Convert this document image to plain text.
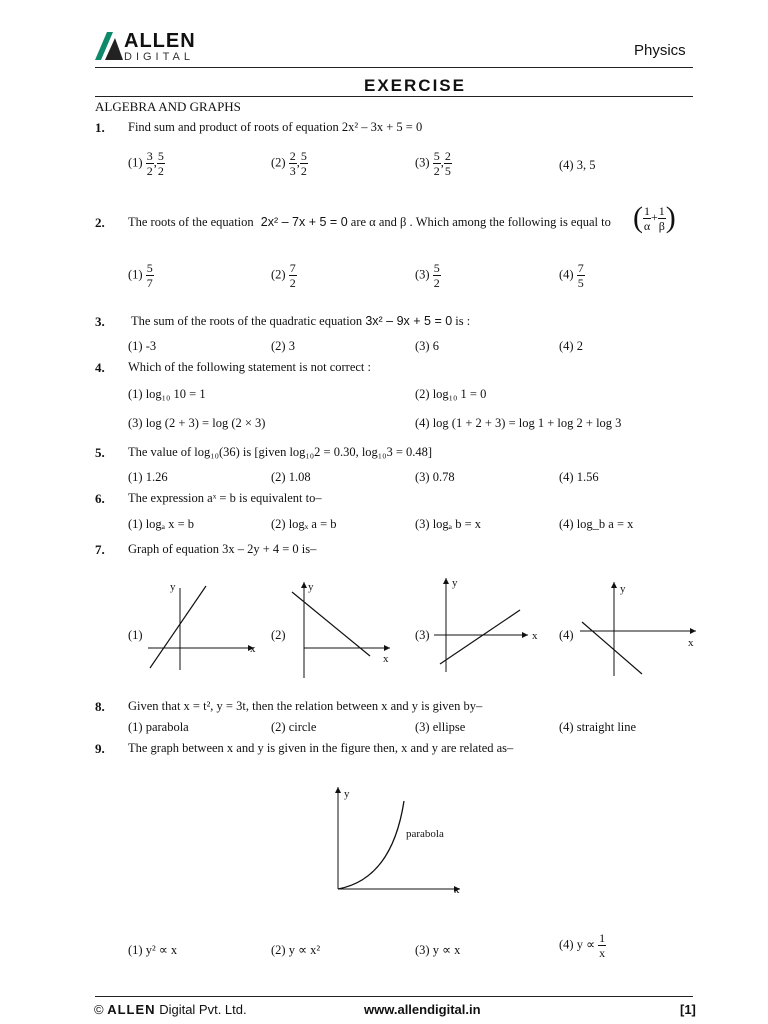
ALLEN
DIGITAL	Physics
EXERCISE
ALGEBRA AND GRAPHS
1. Find sum and product of roots of equation 2x² – 3x + 5 = 0
$(1) \frac{3}{2}$ , $\frac{5}{2}$	$(2) \frac{2}{3}$ , $\frac{5}{2}$	$(3) \frac{5}{2}$ , $\frac{2}{5}$	(4) 3, 5
2. The roots of the equation 2x² – 7x + 5 = 0 are α and β . Which among the following is equal to ( $\frac{1}{\alpha} + \frac{1}{\beta}$ )
$(1) \frac{5}{7}$	$(2) \frac{7}{2}$	$(3) \frac{5}{2}$	$(4) \frac{7}{5}$
3. The sum of the roots of the quadratic equation 3x² – 9x + 5 = 0 is :
(1) -3	(2) 3	(3) 6	(4) 2
4. Which of the following statement is not correct :
(1) log₁₀ 10 = 1	(2) log₁₀ 1 = 0
(3) log (2 + 3) = log (2 × 3)	(4) log (1 + 2 + 3) = log 1 + log 2 + log 3
5. The value of log₁₀(36) is [given log₁₀2 = 0.30, log₁₀3 = 0.48]
(1) 1.26	(2) 1.08	(3) 0.78	(4) 1.56
6. The expression aˣ = b is equivalent to–
(1) logₐ x = b	(2) logₓ a = b	(3) logₐ b = x	(4) log_b a = x
7. Graph of equation 3x – 2y + 4 = 0 is–
(1)
y
x
(2)
y
x
(3)
y
x (4)
y
x
8. Given that x = t², y = 3t, then the relation between x and y is given by–
(1) parabola	(2) circle	(3) ellipse	(4) straight line
9. The graph between x and y is given in the figure then, x and y are related as–
y
x
parabola
(1) y² ∝ x	(2) y ∝ x²	(3) y ∝ x	(4) $y \propto \frac{1}{x}$
© ALLEN Digital Pvt. Ltd.	www.allendigital.in	[1]
